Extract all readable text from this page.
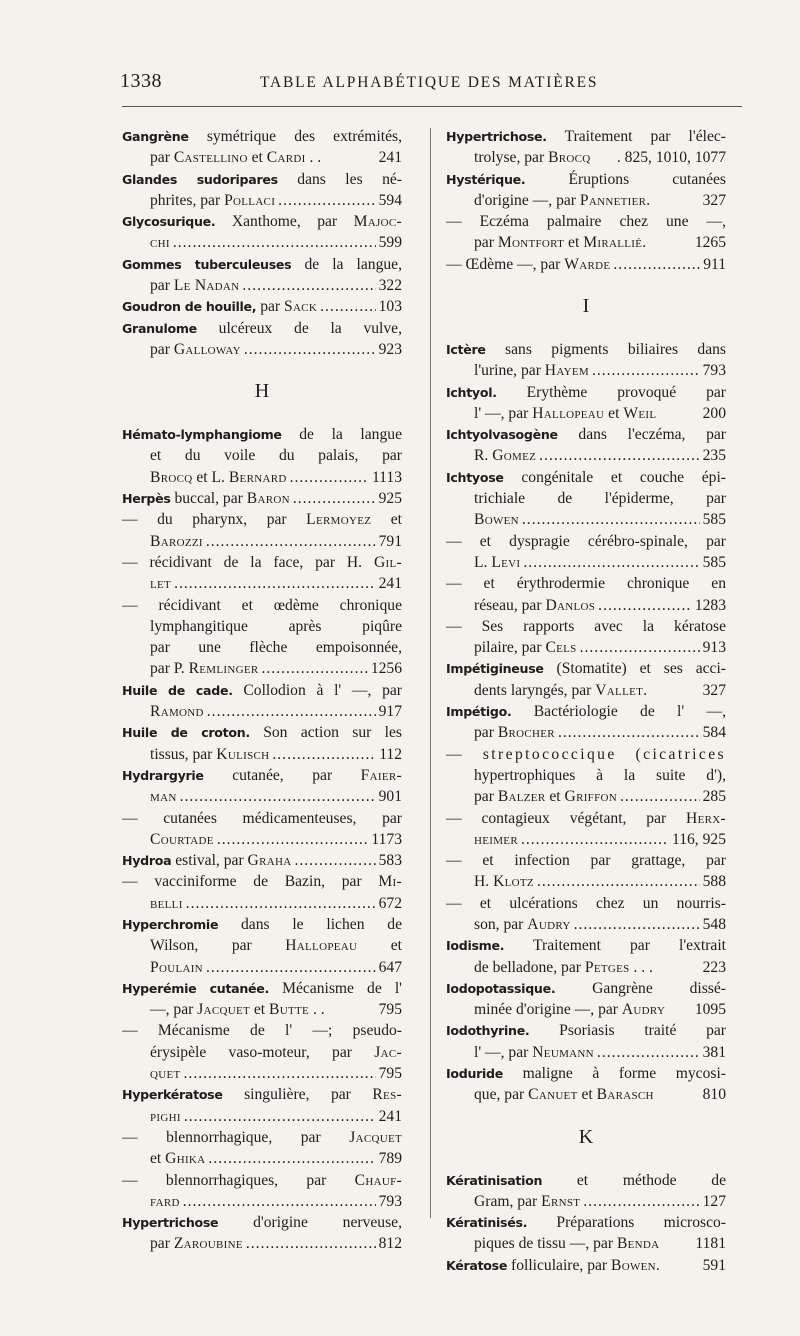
1338	TABLE ALPHABÉTIQUE DES MATIÈRES
Gangrène symétrique des extrémités,
par Castellino et Cardi . .	241
Glandes sudoripares dans les né-
phrites, par Pollaci .....	594
Glycosurique. Xanthome, par Majoc-
chi .....	599
Gommes tuberculeuses de la langue,
par Le Nadan .....	322
Goudron de houille, par Sack .....	103
Granulome ulcéreux de la vulve,
par Galloway .....	923
H
Hémato-lymphangiome de la langue
et du voile du palais, par
Brocq et L. Bernard .....	1113
Herpès buccal, par Baron .....	925
— du pharynx, par Lermoyez et
Barozzi .....	791
— récidivant de la face, par H. Gil-
let .....	241
— récidivant et œdème chronique
lymphangitique après piqûre
par une flèche empoisonnée,
par P. Remlinger .....	1256
Huile de cade. Collodion à l' —, par
Ramond .....	917
Huile de croton. Son action sur les
tissus, par Kulisch .....	112
Hydrargyrie cutanée, par Faier-
man .....	901
— cutanées médicamenteuses, par
Courtade .....	1173
Hydroa estival, par Graha .....	583
— vacciniforme de Bazin, par Mi-
belli .....	672
Hyperchromie dans le lichen de
Wilson, par Hallopeau et
Poulain .....	647
Hyperémie cutanée. Mécanisme de l'
—, par Jacquet et Butte . .	795
— Mécanisme de l' —; pseudo-
érysipèle vaso-moteur, par Jac-
quet .....	795
Hyperkératose singulière, par Res-
pighi .....	241
— blennorrhagique, par Jacquet
et Ghika .....	789
— blennorrhagiques, par Chauf-
fard .....	793
Hypertrichose d'origine nerveuse,
par Zaroubine .....	812
Hypertrichose. Traitement par l'élec-
trolyse, par Brocq . 825, 1010, 1077
Hystérique. Éruptions cutanées
d'origine —, par Pannetier.	327
— Eczéma palmaire chez une —,
par Montfort et Mirallié.	1265
— Œdème —, par Warde .....	911
I
Ictère sans pigments biliaires dans
l'urine, par Hayem .....	793
Ichtyol. Erythème provoqué par
l' —, par Hallopeau et Weil	200
Ichtyolvasogène dans l'eczéma, par
R. Gomez .....	235
Ichtyose congénitale et couche épi-
trichiale de l'épiderme, par
Bowen .....	585
— et dyspragie cérébro-spinale, par
L. Levi .....	585
— et érythrodermie chronique en
réseau, par Danlos .....	1283
— Ses rapports avec la kératose
pilaire, par Cels .....	913
Impétigineuse (Stomatite) et ses acci-
dents laryngés, par Vallet.	327
Impétigo. Bactériologie de l' —,
par Brocher .....	584
— streptococcique (cicatrices
hypertrophiques à la suite d'),
par Balzer et Griffon .....	285
— contagieux végétant, par Herx-
heimer .....	116, 925
— et infection par grattage, par
H. Klotz .....	588
— et ulcérations chez un nourris-
son, par Audry .....	548
Iodisme. Traitement par l'extrait
de belladone, par Petges . . .	223
Iodopotassique. Gangrène dissé-
minée d'origine —, par Audry 1095
Iodothyrine. Psoriasis traité par
l' —, par Neumann .....	381
Ioduride maligne à forme mycosi-
que, par Canuet et Barasch	810
K
Kératinisation et méthode de
Gram, par Ernst .....	127
Kératinisés. Préparations microsco-
piques de tissu —, par Benda 1181
Kératose folliculaire, par Bowen.	591
